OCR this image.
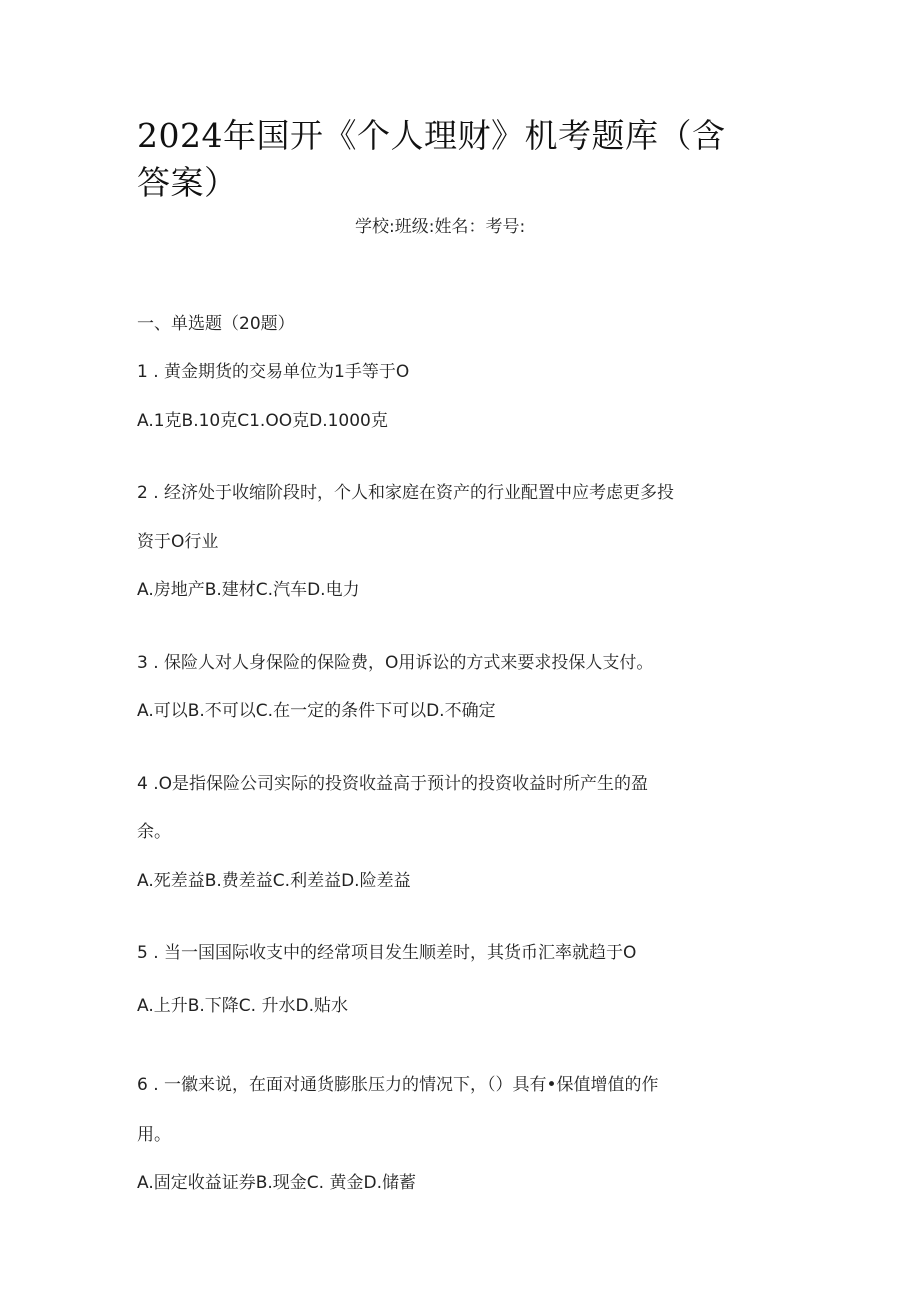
2024年国开《个人理财》机考题库（含答案）
学校:班级:姓名：考号:
一、单选题（20题）
1 . 黄金期货的交易单位为1手等于O
A.1克B.10克C1.OO克D.1000克
2 . 经济处于收缩阶段时，个人和家庭在资产的行业配置中应考虑更多投
资于O行业
A.房地产B.建材C.汽车D.电力
3 . 保险人对人身保险的保险费，O用诉讼的方式来要求投保人支付。
A.可以B.不可以C.在一定的条件下可以D.不确定
4 .O是指保险公司实际的投资收益高于预计的投资收益时所产生的盈
余。
A.死差益B.费差益C.利差益D.险差益
5 . 当一国国际收支中的经常项目发生顺差时，其货币汇率就趋于O
A.上升B.下降C. 升水D.贴水
6 . 一徽来说，在面对通货膨胀压力的情况下，（）具有•保值增值的作
用。
A.固定收益证券B.现金C. 黄金D.储蓄
